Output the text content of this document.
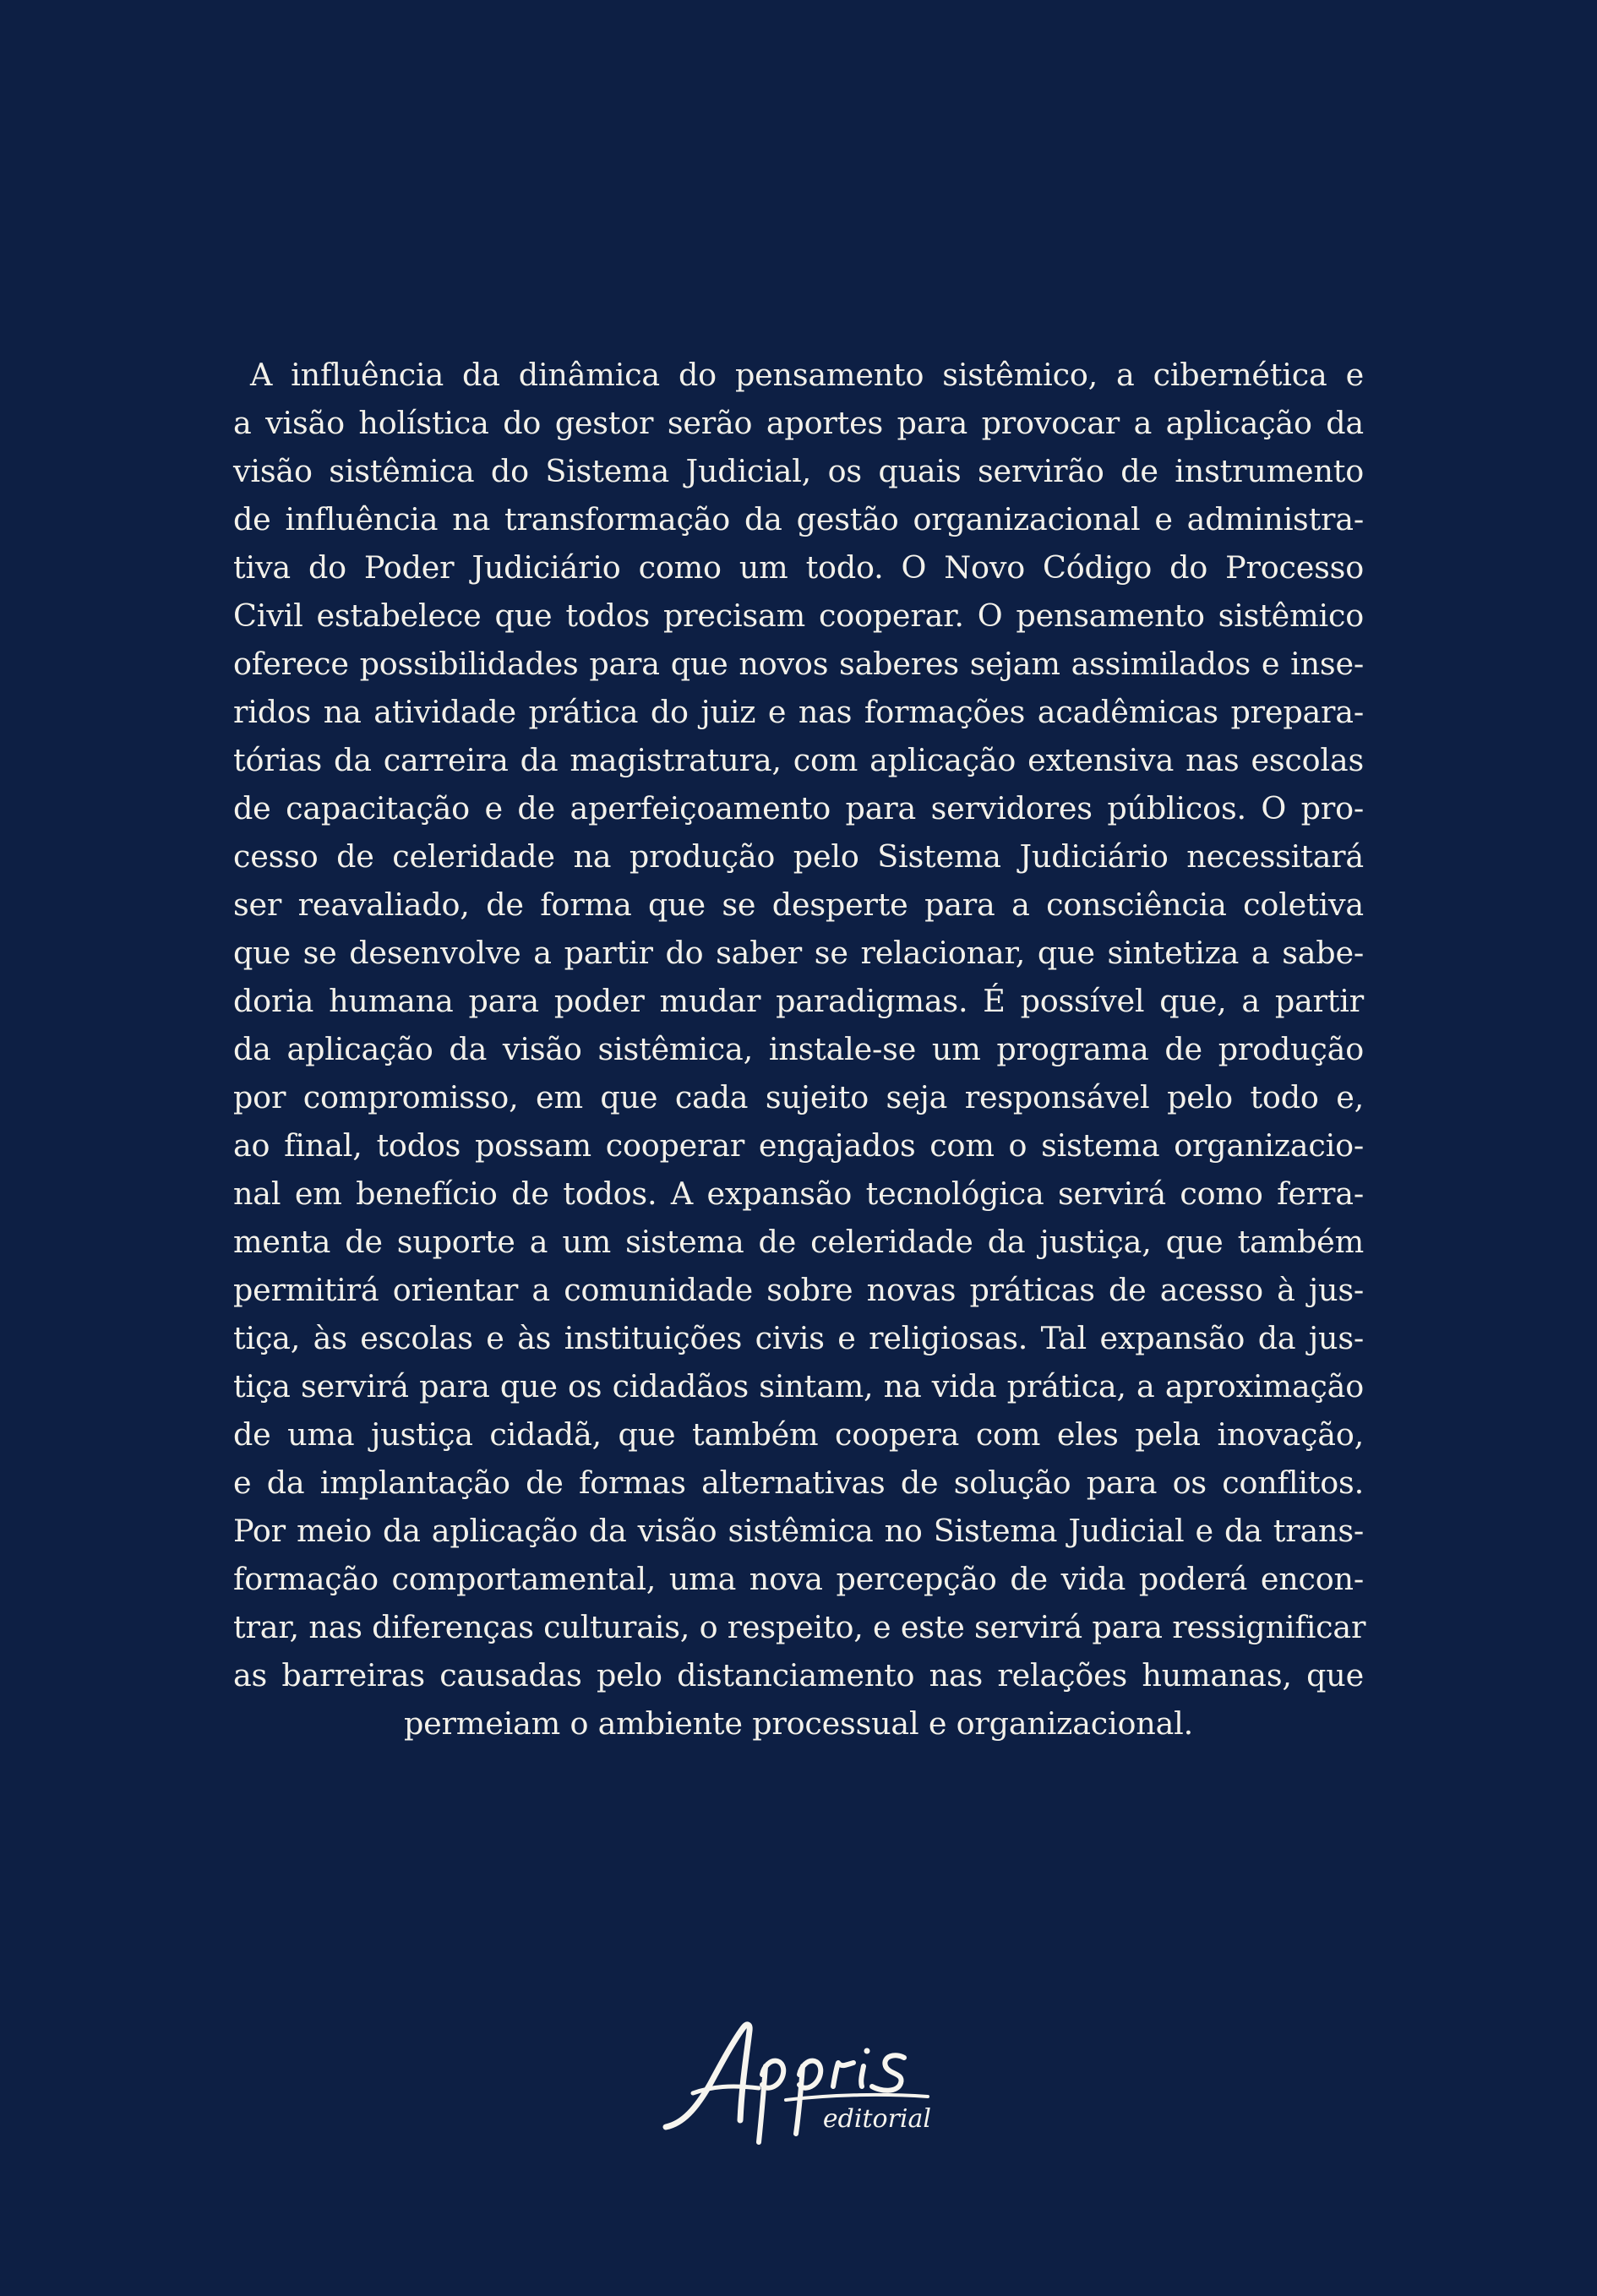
A influência da dinâmica do pensamento sistêmico, a cibernética e
a visão holística do gestor serão aportes para provocar a aplicação da
visão sistêmica do Sistema Judicial, os quais servirão de instrumento
de influência na transformação da gestão organizacional e administra-
tiva do Poder Judiciário como um todo. O Novo Código do Processo
Civil estabelece que todos precisam cooperar. O pensamento sistêmico
oferece possibilidades para que novos saberes sejam assimilados e inse-
ridos na atividade prática do juiz e nas formações acadêmicas prepara-
tórias da carreira da magistratura, com aplicação extensiva nas escolas
de capacitação e de aperfeiçoamento para servidores públicos. O pro-
cesso de celeridade na produção pelo Sistema Judiciário necessitará
ser reavaliado, de forma que se desperte para a consciência coletiva
que se desenvolve a partir do saber se relacionar, que sintetiza a sabe-
doria humana para poder mudar paradigmas. É possível que, a partir
da aplicação da visão sistêmica, instale-se um programa de produção
por compromisso, em que cada sujeito seja responsável pelo todo e,
ao final, todos possam cooperar engajados com o sistema organizacio-
nal em benefício de todos. A expansão tecnológica servirá como ferra-
menta de suporte a um sistema de celeridade da justiça, que também
permitirá orientar a comunidade sobre novas práticas de acesso à jus-
tiça, às escolas e às instituições civis e religiosas. Tal expansão da jus-
tiça servirá para que os cidadãos sintam, na vida prática, a aproximação
de uma justiça cidadã, que também coopera com eles pela inovação,
e da implantação de formas alternativas de solução para os conflitos.
Por meio da aplicação da visão sistêmica no Sistema Judicial e da trans-
formação comportamental, uma nova percepção de vida poderá encon-
trar, nas diferenças culturais, o respeito, e este servirá para ressignificar
as barreiras causadas pelo distanciamento nas relações humanas, que
permeiam o ambiente processual e organizacional.
editorial
